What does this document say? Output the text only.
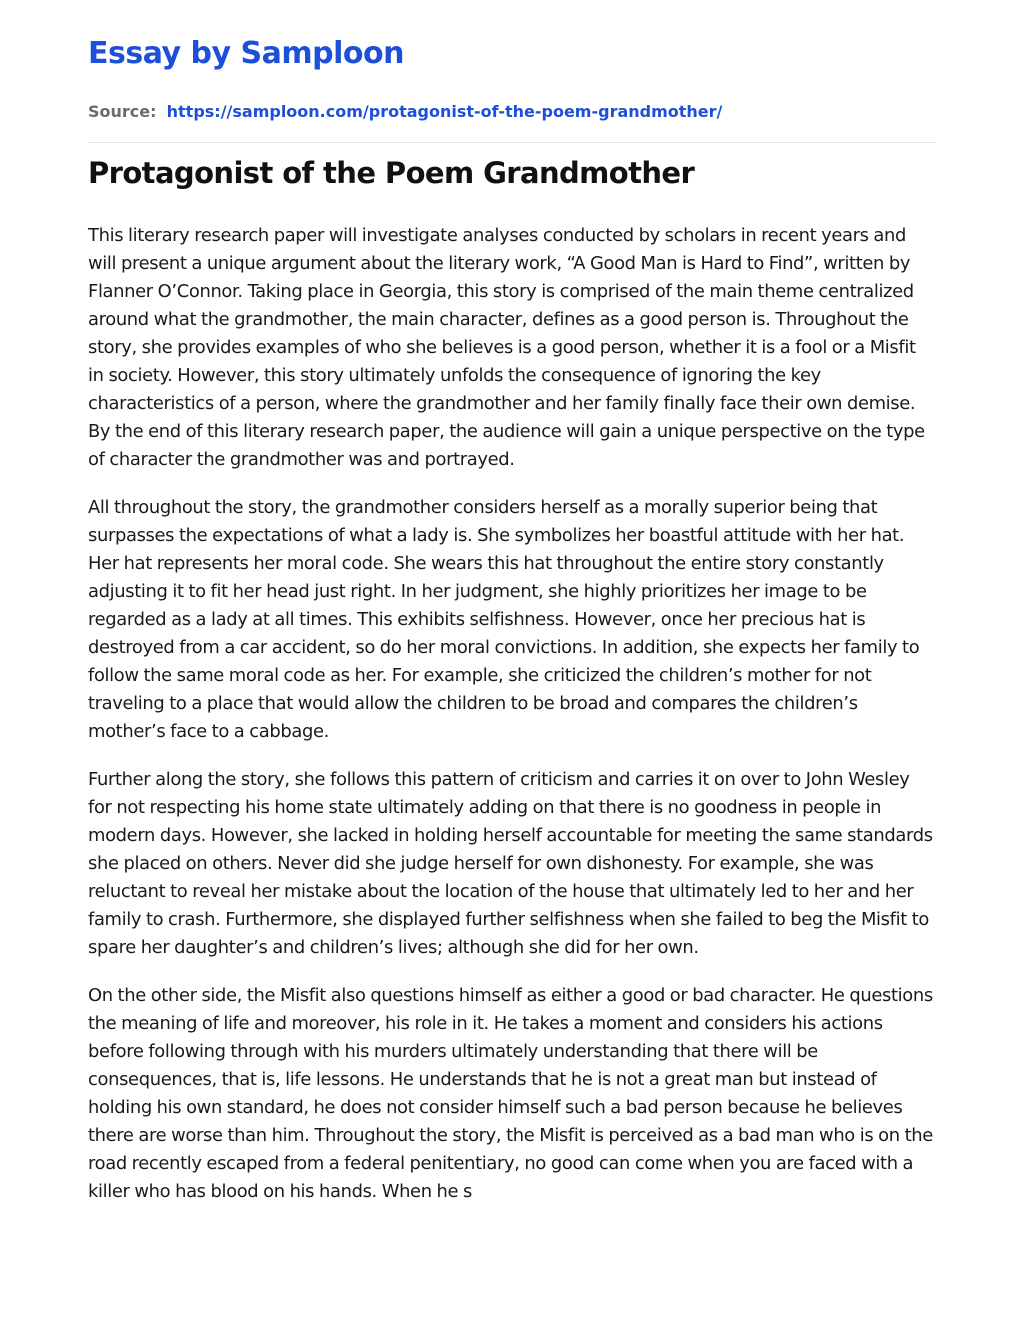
Essay by Samploon
Source: https://samploon.com/protagonist-of-the-poem-grandmother/
Protagonist of the Poem Grandmother

This literary research paper will investigate analyses conducted by scholars in recent years and will present a unique argument about the literary work, “A Good Man is Hard to Find”, written by Flanner O’Connor. Taking place in Georgia, this story is comprised of the main theme centralized around what the grandmother, the main character, defines as a good person is. Throughout the story, she provides examples of who she believes is a good person, whether it is a fool or a Misfit in society. However, this story ultimately unfolds the consequence of ignoring the key characteristics of a person, where the grandmother and her family finally face their own demise. By the end of this literary research paper, the audience will gain a unique perspective on the type of character the grandmother was and portrayed.

All throughout the story, the grandmother considers herself as a morally superior being that surpasses the expectations of what a lady is. She symbolizes her boastful attitude with her hat. Her hat represents her moral code. She wears this hat throughout the entire story constantly adjusting it to fit her head just right. In her judgment, she highly prioritizes her image to be regarded as a lady at all times. This exhibits selfishness. However, once her precious hat is destroyed from a car accident, so do her moral convictions. In addition, she expects her family to follow the same moral code as her. For example, she criticized the children’s mother for not traveling to a place that would allow the children to be broad and compares the children’s mother’s face to a cabbage.

Further along the story, she follows this pattern of criticism and carries it on over to John Wesley for not respecting his home state ultimately adding on that there is no goodness in people in modern days. However, she lacked in holding herself accountable for meeting the same standards she placed on others. Never did she judge herself for own dishonesty. For example, she was reluctant to reveal her mistake about the location of the house that ultimately led to her and her family to crash. Furthermore, she displayed further selfishness when she failed to beg the Misfit to spare her daughter’s and children’s lives; although she did for her own.

On the other side, the Misfit also questions himself as either a good or bad character. He questions the meaning of life and moreover, his role in it. He takes a moment and considers his actions before following through with his murders ultimately understanding that there will be consequences, that is, life lessons. He understands that he is not a great man but instead of holding his own standard, he does not consider himself such a bad person because he believes there are worse than him. Throughout the story, the Misfit is perceived as a bad man who is on the road recently escaped from a federal penitentiary, no good can come when you are faced with a killer who has blood on his hands. When he s
